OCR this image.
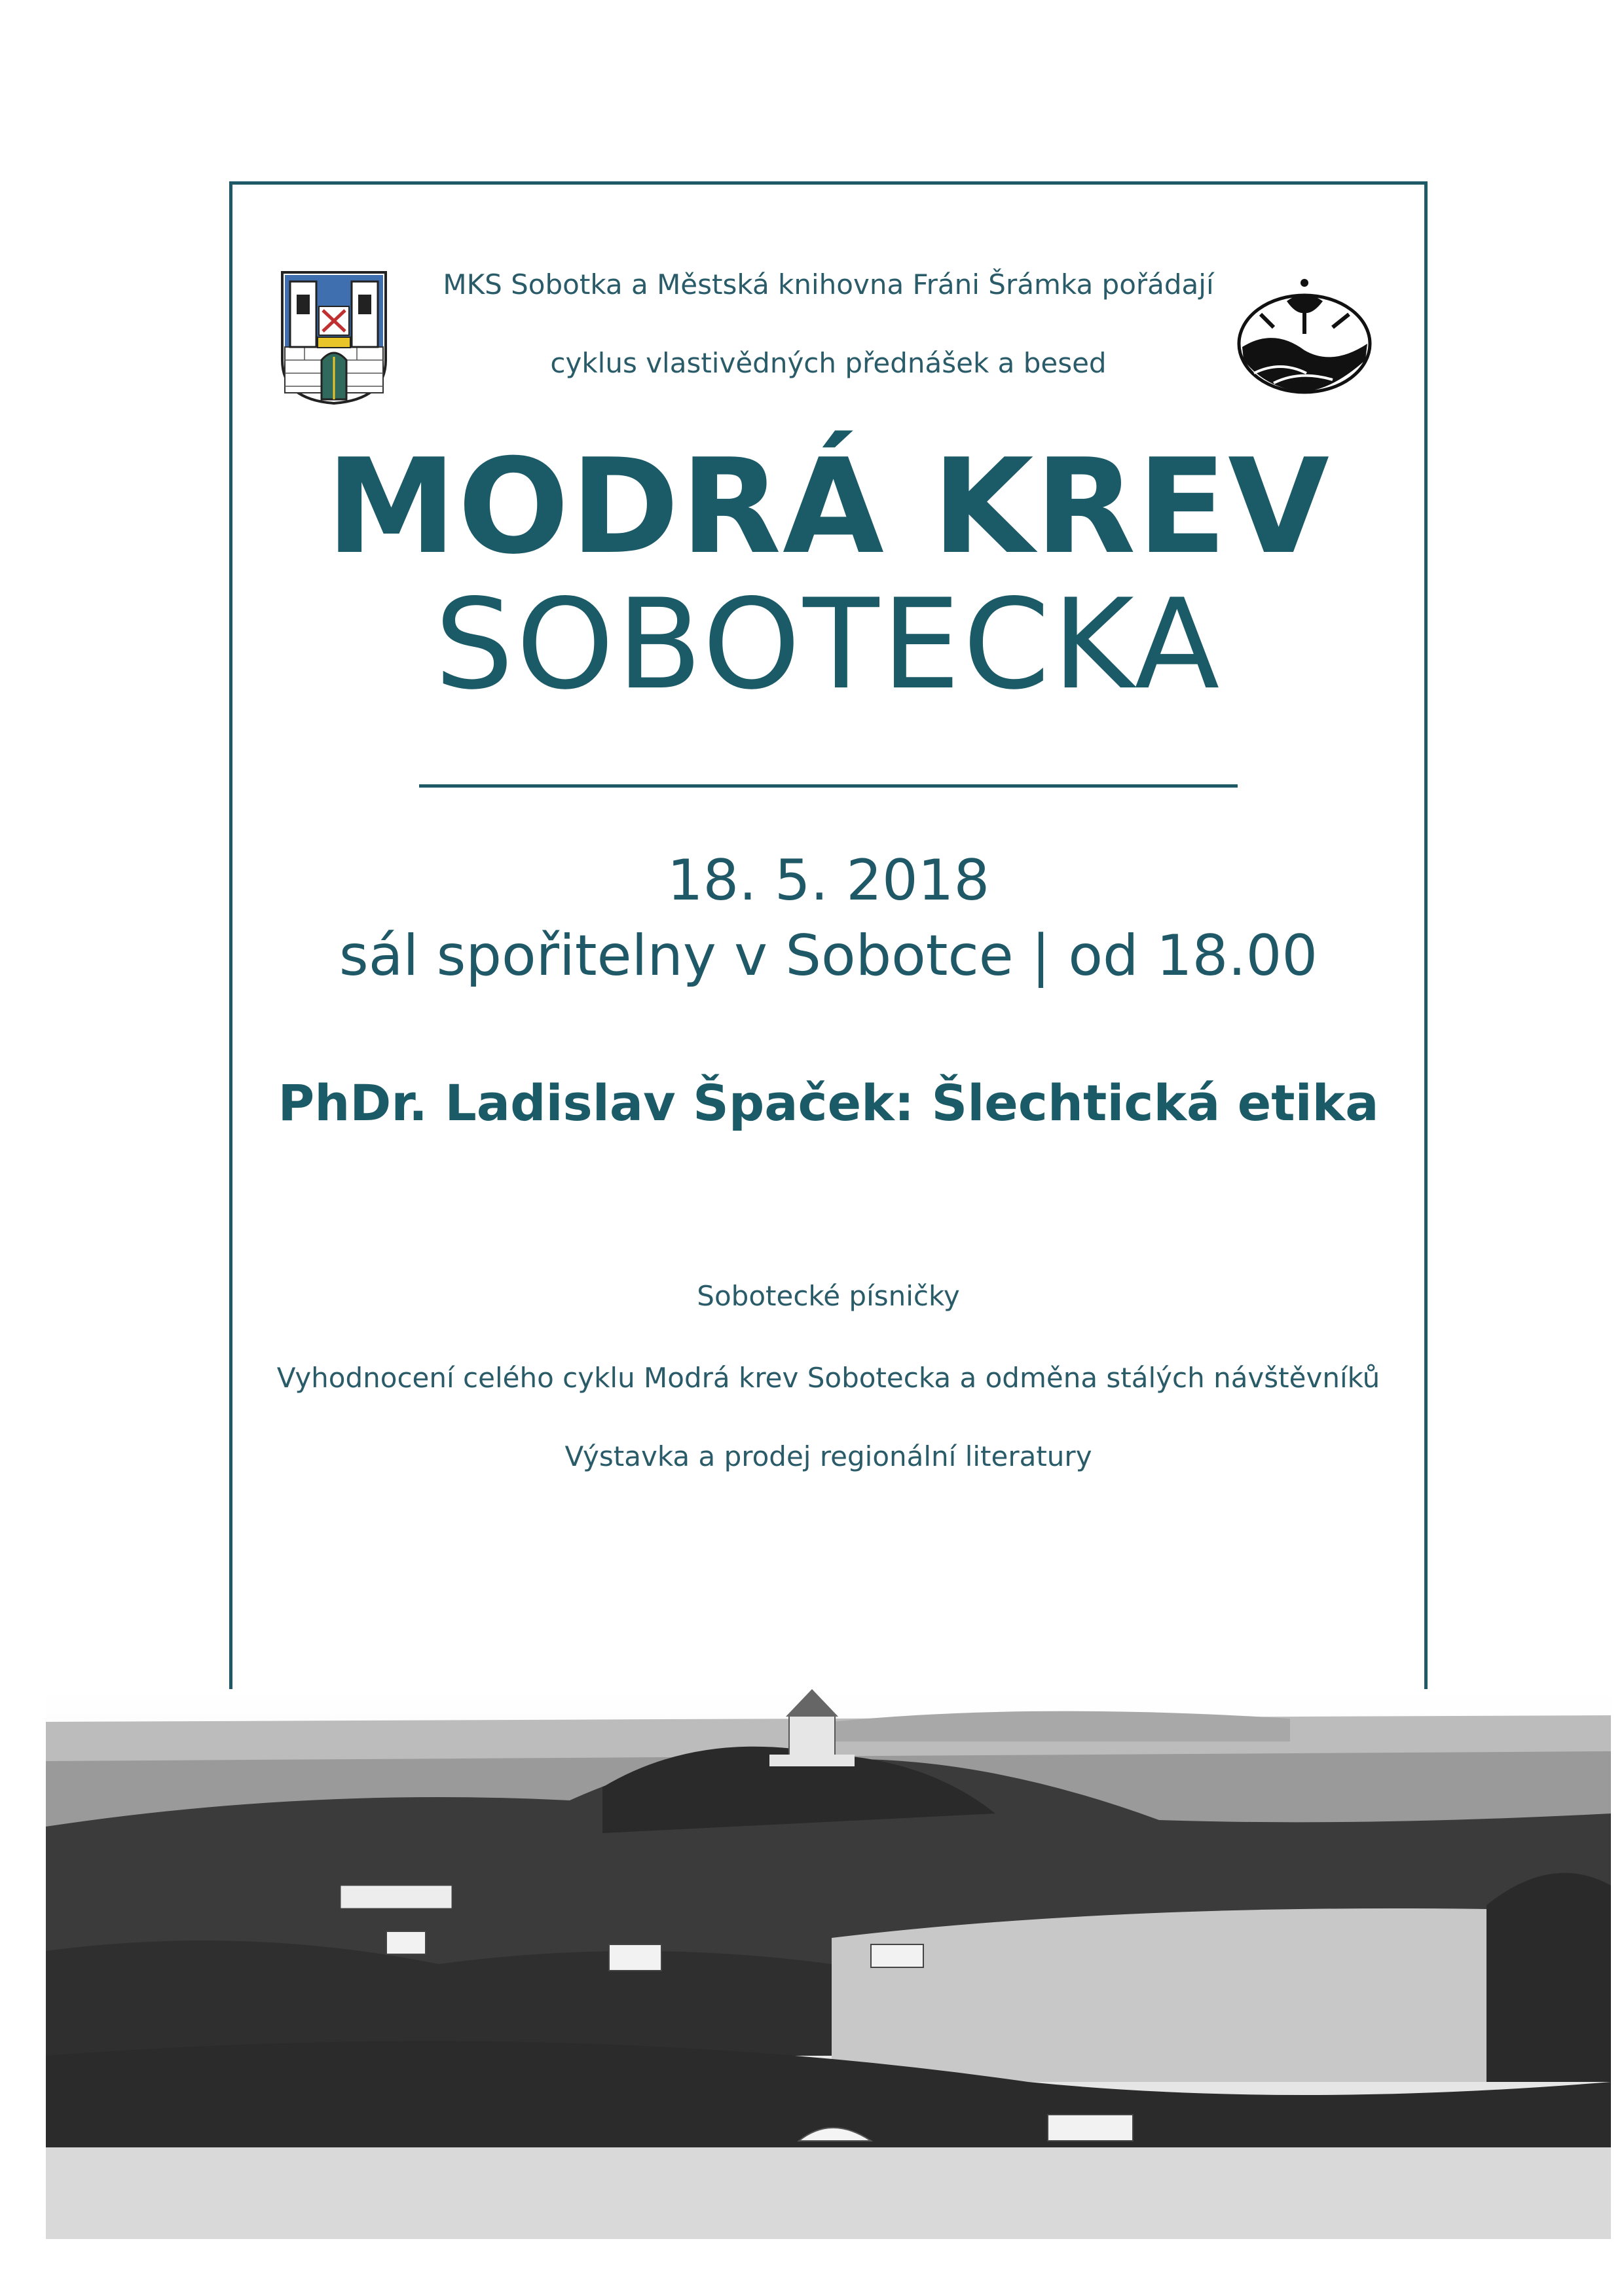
MKS Sobotka a Městská knihovna Fráni Šrámka pořádají
cyklus vlastivědných přednášek a besed
MODRÁ KREV
SOBOTECKA
18. 5. 2018
sál spořitelny v Sobotce | od 18.00
PhDr. Ladislav Špaček: Šlechtická etika
Sobotecké písničky
Vyhodnocení celého cyklu Modrá krev Sobotecka a odměna stálých návštěvníků
Výstavka a prodej regionální literatury
